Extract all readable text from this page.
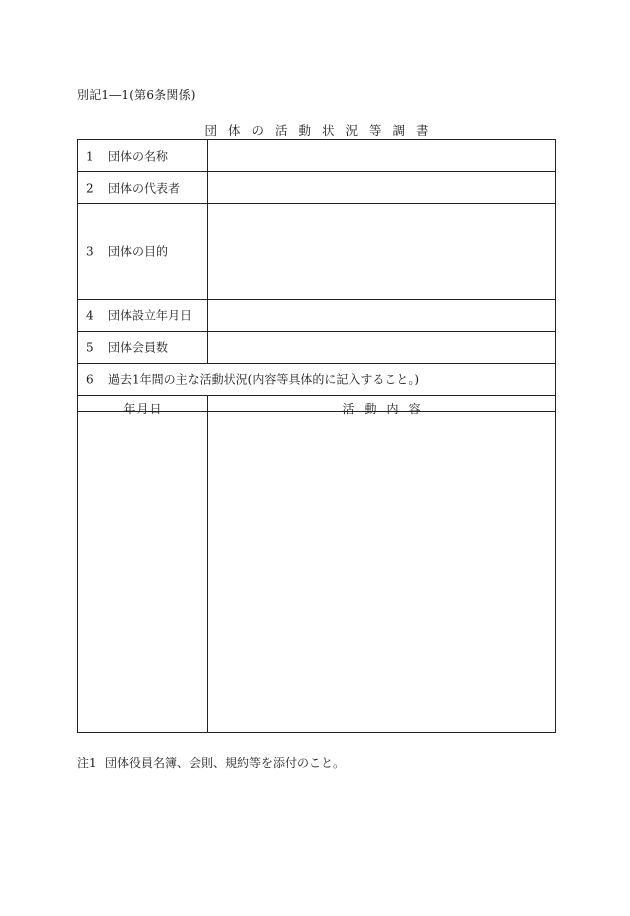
別記1―1(第6条関係)
団体の活動状況等調書
1 団体の名称
2 団体の代表者
3 団体の目的
4 団体設立年月日
5 団体会員数
6 過去1年間の主な活動状況(内容等具体的に記入すること。)
年月日	活動内容
注1 団体役員名簿、会則、規約等を添付のこと。
